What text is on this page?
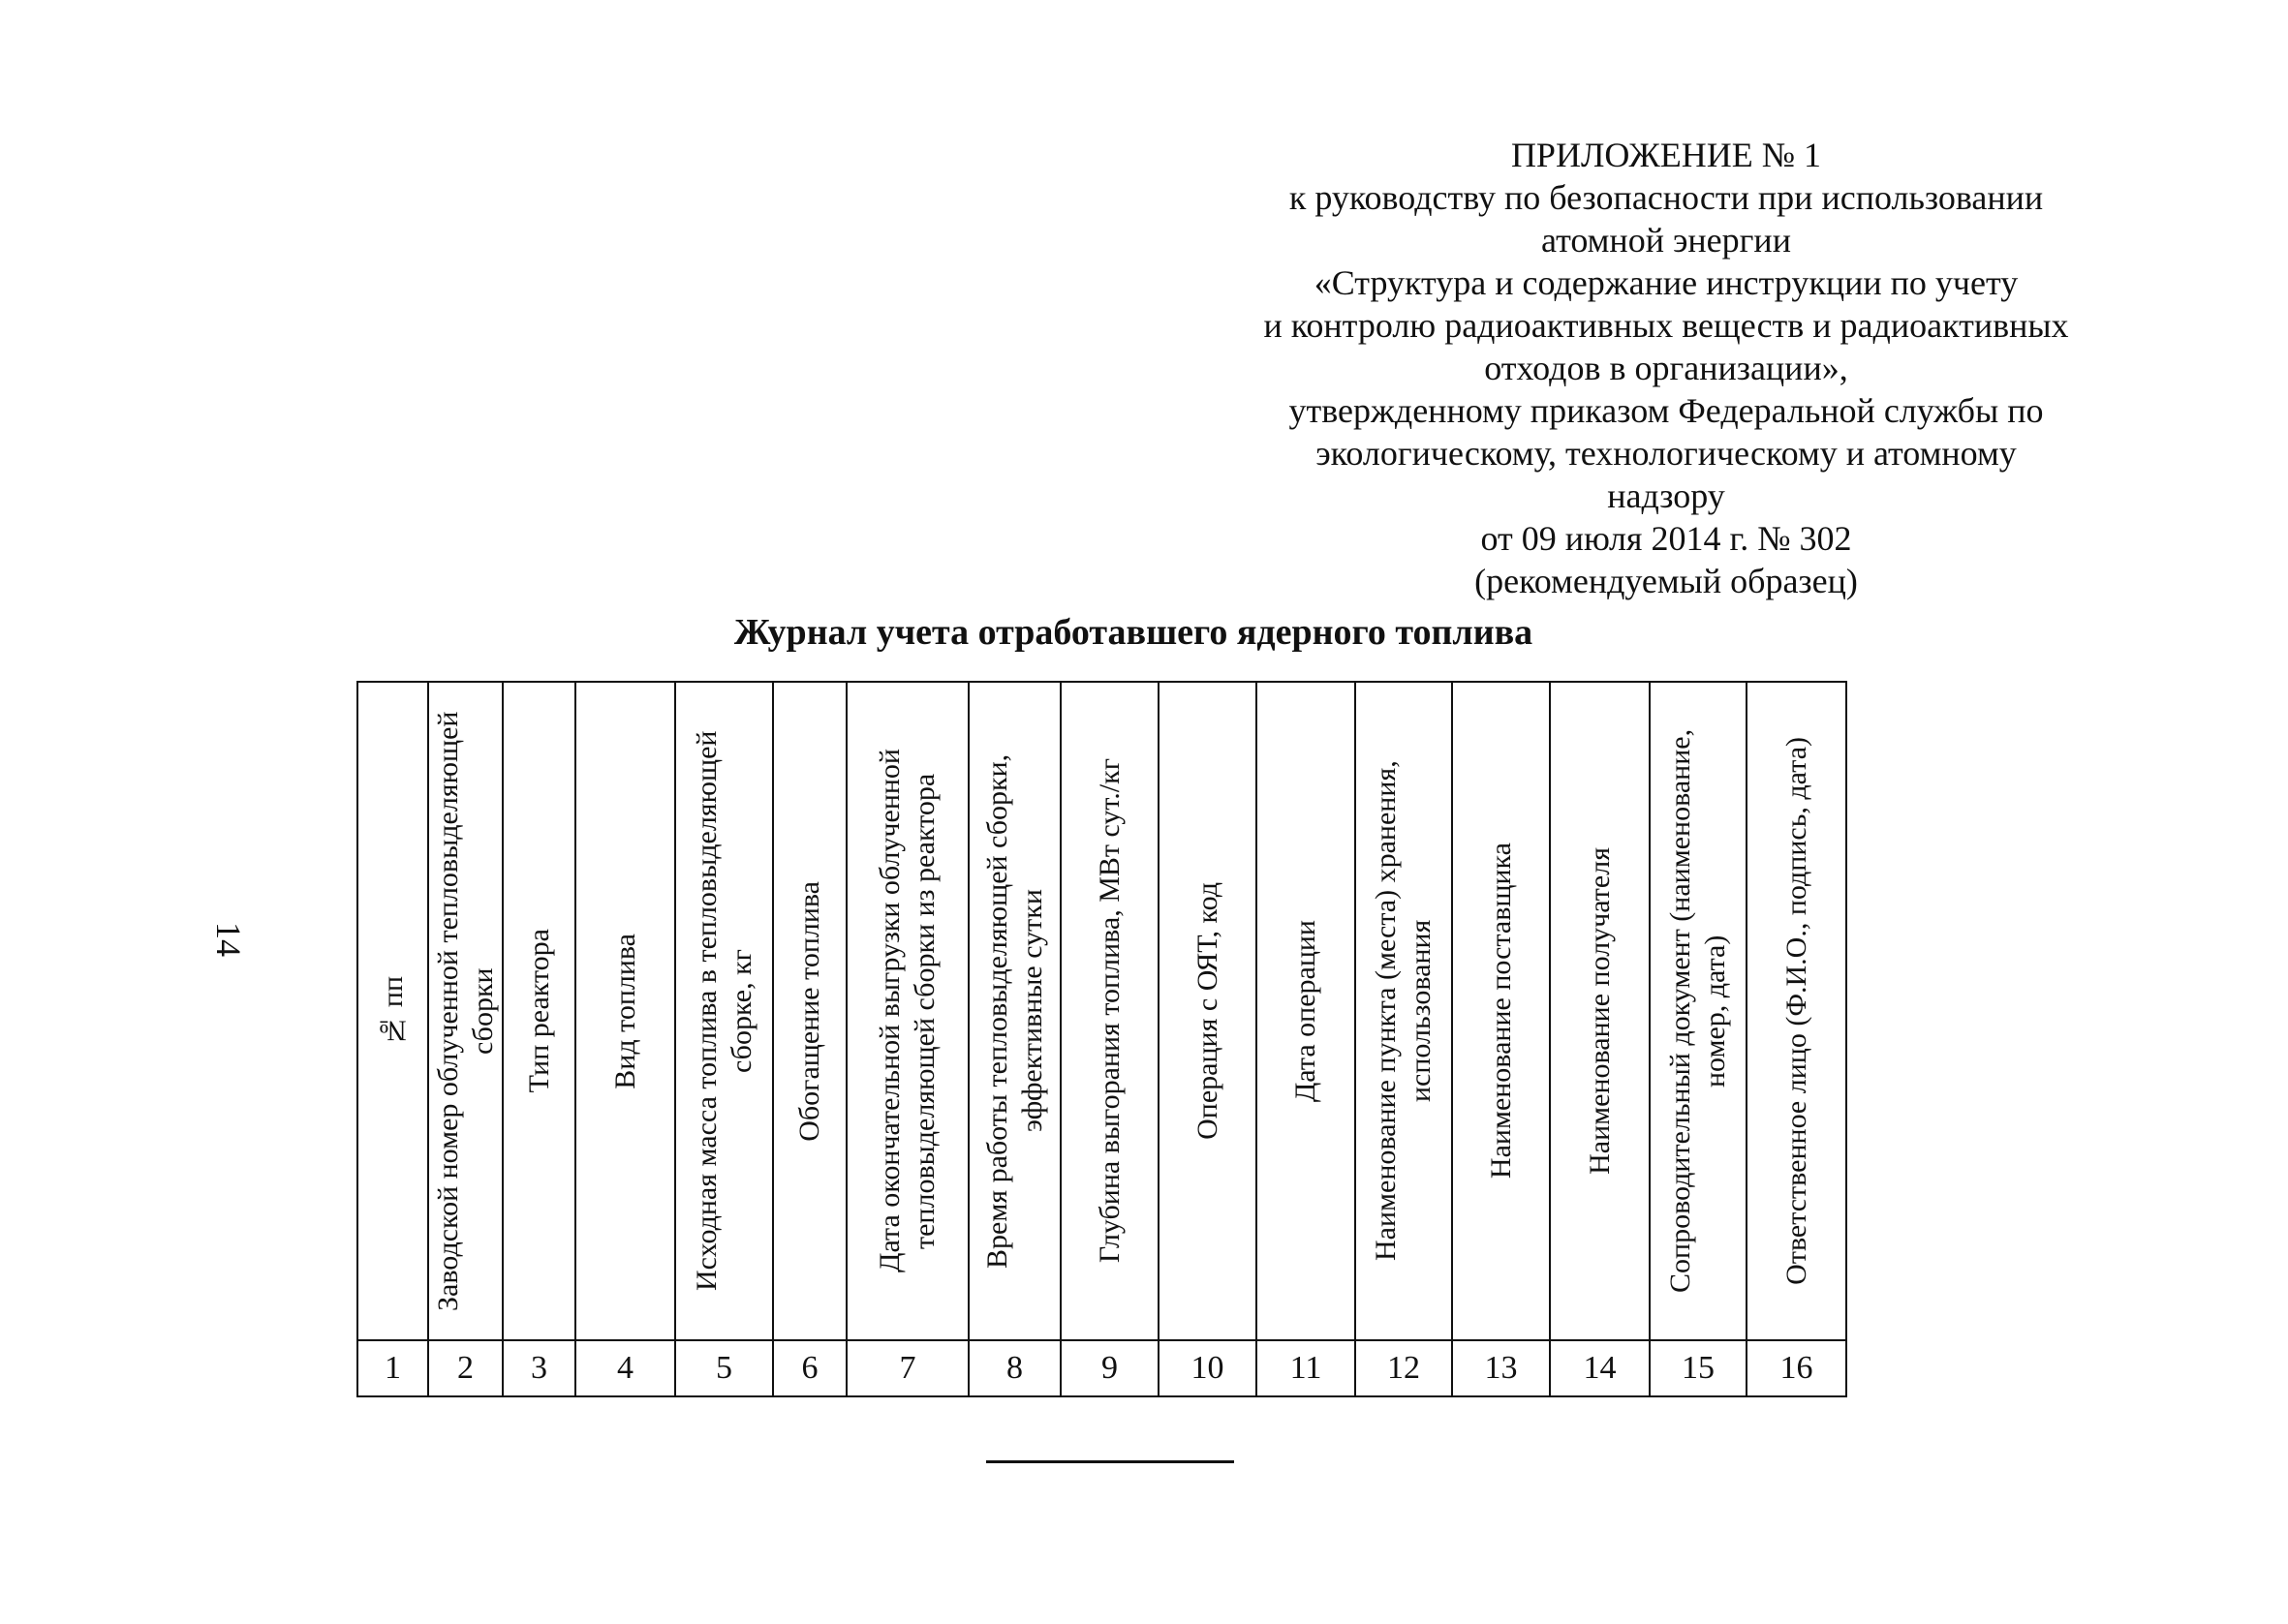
ПРИЛОЖЕНИЕ № 1
к руководству по безопасности при использовании
атомной энергии
«Структура и содержание инструкции по учету
и контролю радиоактивных веществ и радиоактивных
отходов в организации»,
утвержденному приказом Федеральной службы по
экологическому, технологическому и атомному
надзору
от 09 июля 2014 г. № 302
(рекомендуемый образец)
Журнал учета отработавшего ядерного топлива
14
№ пп	Заводской номер облученной тепловыделяющей сборки	Тип реактора	Вид топлива	Исходная масса топлива в тепловыделяющей сборке, кг	Обогащение топлива	Дата окончательной выгрузки облученной тепловыделяющей сборки из реактора	Время работы тепловыделяющей сборки, эффективные сутки	Глубина выгорания топлива, МВт сут./кг	Операция с ОЯТ, код	Дата операции	Наименование пункта (места) хранения, использования	Наименование поставщика	Наименование получателя	Сопроводительный документ (наименование, номер, дата)	Ответственное лицо (Ф.И.О., подпись, дата)

1	2	3	4	5	6	7	8	9	10	11	12	13	14	15	16
